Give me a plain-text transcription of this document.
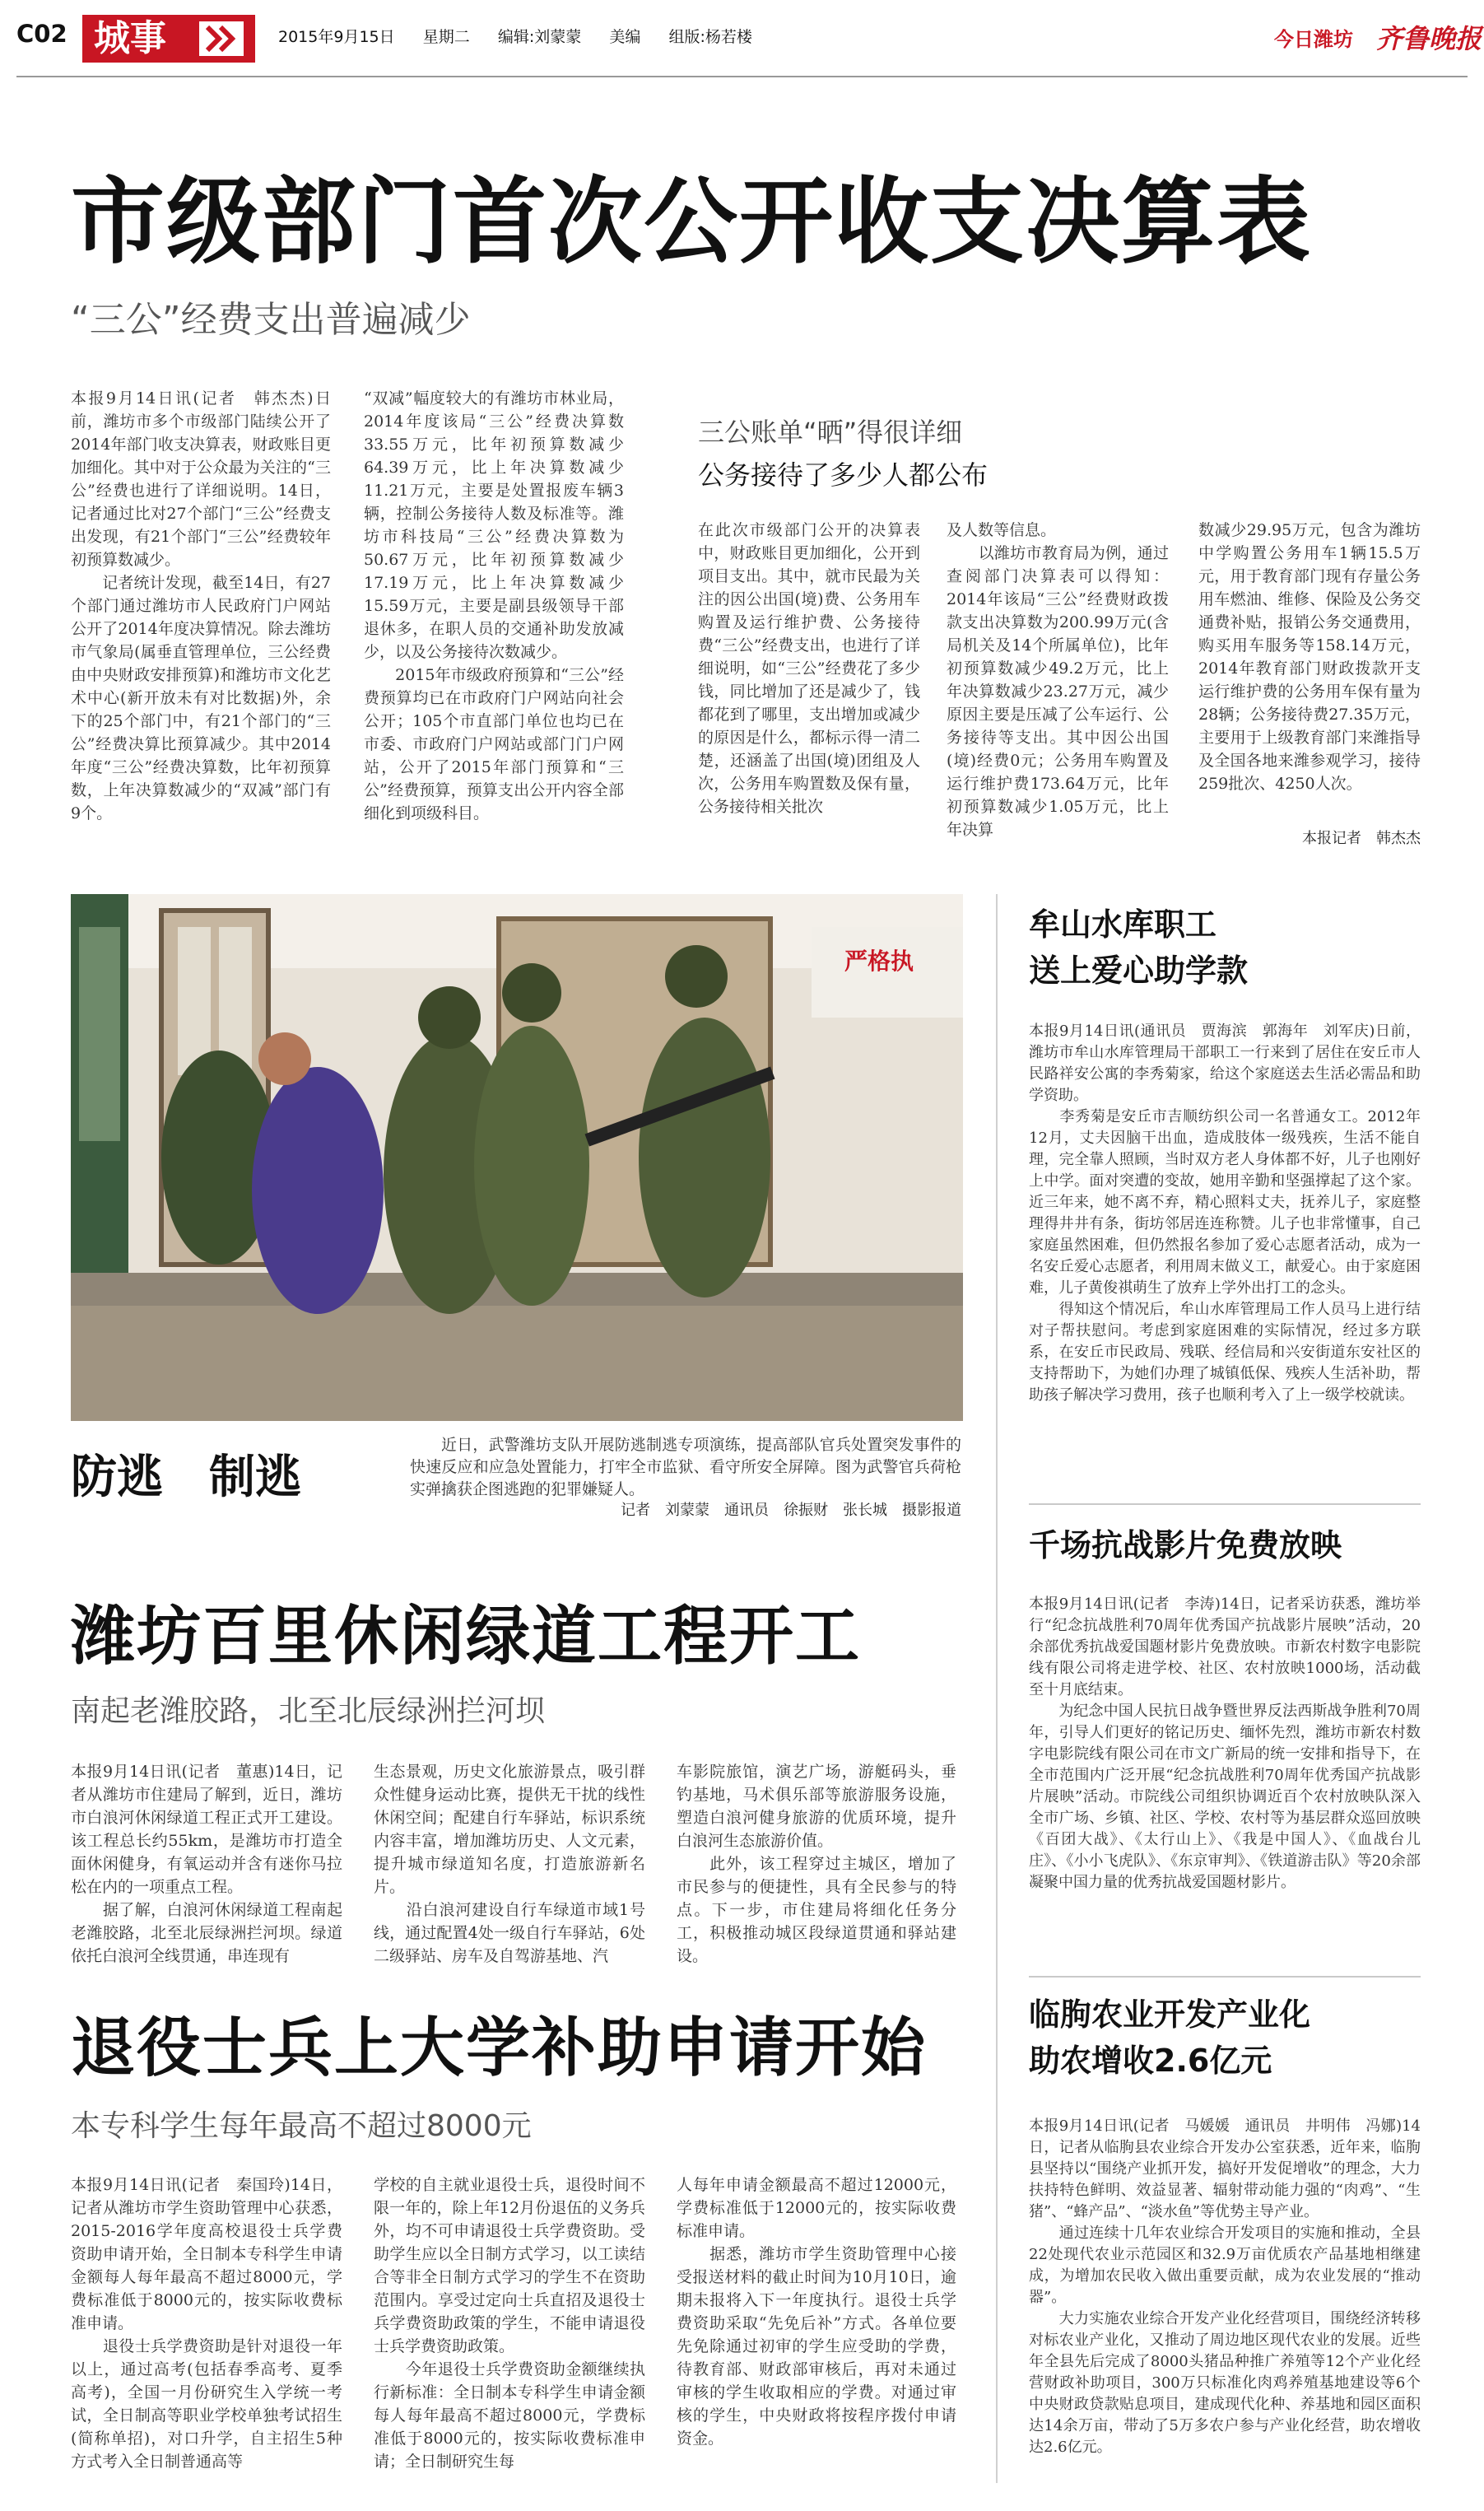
C02 城事	2015年9月15日 星期二 编辑:刘蒙蒙 美编 组版:杨若楼	今日潍坊 齐鲁晚报
市级部门首次公开收支决算表
“三公”经费支出普遍减少
本报9月14日讯(记者　韩杰杰)日前，潍坊市多个市级部门陆续公开了2014年部门收支决算表，财政账目更加细化。其中对于公众最为关注的“三公”经费也进行了详细说明。14日，记者通过比对27个部门“三公”经费支出发现，有21个部门“三公”经费较年初预算数减少。
　　记者统计发现，截至14日，有27个部门通过潍坊市人民政府门户网站公开了2014年度决算情况。除去潍坊市气象局(属垂直管理单位，三公经费由中央财政安排预算)和潍坊市文化艺术中心(新开放未有对比数据)外，余下的25个部门中，有21个部门的“三公”经费决算比预算减少。其中2014年度“三公”经费决算数，比年初预算数，上年决算数减少的“双减”部门有9个。
“双减”幅度较大的有潍坊市林业局，2014年度该局“三公”经费决算数33.55万元，比年初预算数减少64.39万元，比上年决算数减少11.21万元，主要是处置报废车辆3辆，控制公务接待人数及标准等。潍坊市科技局“三公”经费决算数为50.67万元，比年初预算数减少17.19万元，比上年决算数减少15.59万元，主要是副县级领导干部退休多，在职人员的交通补助发放减少，以及公务接待次数减少。
　　2015年市级政府预算和“三公”经费预算均已在市政府门户网站向社会公开；105个市直部门单位也均已在市委、市政府门户网站或部门门户网站，公开了2015年部门预算和“三公”经费预算，预算支出公开内容全部细化到项级科目。
三公账单“晒”得很详细
公务接待了多少人都公布
在此次市级部门公开的决算表中，财政账目更加细化，公开到项目支出。其中，就市民最为关注的因公出国(境)费、公务用车购置及运行维护费、公务接待费“三公”经费支出，也进行了详细说明，如“三公”经费花了多少钱，同比增加了还是减少了，钱都花到了哪里，支出增加或减少的原因是什么，都标示得一清二楚，还涵盖了出国(境)团组及人次，公务用车购置数及保有量，公务接待相关批次
及人数等信息。
　　以潍坊市教育局为例，通过查阅部门决算表可以得知：2014年该局“三公”经费财政拨款支出决算数为200.99万元(含局机关及14个所属单位)，比年初预算数减少49.2万元，比上年决算数减少23.27万元，减少原因主要是压减了公车运行、公务接待等支出。其中因公出国(境)经费0元；公务用车购置及运行维护费173.64万元，比年初预算数减少1.05万元，比上年决算
数减少29.95万元，包含为潍坊中学购置公务用车1辆15.5万元，用于教育部门现有存量公务用车燃油、维修、保险及公务交通费补贴，报销公务交通费用，购买用车服务等158.14万元，2014年教育部门财政拨款开支运行维护费的公务用车保有量为28辆；公务接待费27.35万元，主要用于上级教育部门来潍指导及全国各地来潍参观学习，接待259批次、4250人次。
本报记者　韩杰杰
严格执
防逃　制逃
近日，武警潍坊支队开展防逃制逃专项演练，提高部队官兵处置突发事件的快速反应和应急处置能力，打牢全市监狱、看守所安全屏障。图为武警官兵荷枪实弹擒获企图逃跑的犯罪嫌疑人。
记者　刘蒙蒙　通讯员　徐振财　张长城　摄影报道
潍坊百里休闲绿道工程开工
南起老潍胶路，北至北辰绿洲拦河坝
本报9月14日讯(记者　董惠)14日，记者从潍坊市住建局了解到，近日，潍坊市白浪河休闲绿道工程正式开工建设。该工程总长约55km，是潍坊市打造全面休闲健身，有氧运动并含有迷你马拉松在内的一项重点工程。
　　据了解，白浪河休闲绿道工程南起老潍胶路，北至北辰绿洲拦河坝。绿道依托白浪河全线贯通，串连现有
生态景观，历史文化旅游景点，吸引群众性健身运动比赛，提供无干扰的线性休闲空间；配建自行车驿站，标识系统内容丰富，增加潍坊历史、人文元素，提升城市绿道知名度，打造旅游新名片。
　　沿白浪河建设自行车绿道市域1号线，通过配置4处一级自行车驿站，6处二级驿站、房车及自驾游基地、汽
车影院旅馆，演艺广场，游艇码头，垂钓基地，马术俱乐部等旅游服务设施，塑造白浪河健身旅游的优质环境，提升白浪河生态旅游价值。
　　此外，该工程穿过主城区，增加了市民参与的便捷性，具有全民参与的特点。下一步，市住建局将细化任务分工，积极推动城区段绿道贯通和驿站建设。
退役士兵上大学补助申请开始
本专科学生每年最高不超过8000元
本报9月14日讯(记者　秦国玲)14日，记者从潍坊市学生资助管理中心获悉，2015-2016学年度高校退役士兵学费资助申请开始，全日制本专科学生申请金额每人每年最高不超过8000元，学费标准低于8000元的，按实际收费标准申请。
　　退役士兵学费资助是针对退役一年以上，通过高考(包括春季高考、夏季高考)，全国一月份研究生入学统一考试，全日制高等职业学校单独考试招生(简称单招)，对口升学，自主招生5种方式考入全日制普通高等
学校的自主就业退役士兵，退役时间不限一年的，除上年12月份退伍的义务兵外，均不可申请退役士兵学费资助。受助学生应以全日制方式学习，以工读结合等非全日制方式学习的学生不在资助范围内。享受过定向士兵直招及退役士兵学费资助政策的学生，不能申请退役士兵学费资助政策。
　　今年退役士兵学费资助金额继续执行新标准：全日制本专科学生申请金额每人每年最高不超过8000元，学费标准低于8000元的，按实际收费标准申请；全日制研究生每
人每年申请金额最高不超过12000元，学费标准低于12000元的，按实际收费标准申请。
　　据悉，潍坊市学生资助管理中心接受报送材料的截止时间为10月10日，逾期未报将入下一年度执行。退役士兵学费资助采取“先免后补”方式。各单位要先免除通过初审的学生应受助的学费，待教育部、财政部审核后，再对未通过审核的学生收取相应的学费。对通过审核的学生，中央财政将按程序拨付申请资金。
牟山水库职工
送上爱心助学款
本报9月14日讯(通讯员　贾海滨　郭海年　刘军庆)日前，潍坊市牟山水库管理局干部职工一行来到了居住在安丘市人民路祥安公寓的李秀菊家，给这个家庭送去生活必需品和助学资助。
　　李秀菊是安丘市吉顺纺织公司一名普通女工。2012年12月，丈夫因脑干出血，造成肢体一级残疾，生活不能自理，完全靠人照顾，当时双方老人身体都不好，儿子也刚好上中学。面对突遭的变故，她用辛勤和坚强撑起了这个家。近三年来，她不离不弃，精心照料丈夫，抚养儿子，家庭整理得井井有条，街坊邻居连连称赞。儿子也非常懂事，自己家庭虽然困难，但仍然报名参加了爱心志愿者活动，成为一名安丘爱心志愿者，利用周末做义工，献爱心。由于家庭困难，儿子黄俊祺萌生了放弃上学外出打工的念头。
　　得知这个情况后，牟山水库管理局工作人员马上进行结对子帮扶慰问。考虑到家庭困难的实际情况，经过多方联系，在安丘市民政局、残联、经信局和兴安街道东安社区的支持帮助下，为她们办理了城镇低保、残疾人生活补助，帮助孩子解决学习费用，孩子也顺利考入了上一级学校就读。
千场抗战影片免费放映
本报9月14日讯(记者　李涛)14日，记者采访获悉，潍坊举行“纪念抗战胜利70周年优秀国产抗战影片展映”活动，20余部优秀抗战爱国题材影片免费放映。市新农村数字电影院线有限公司将走进学校、社区、农村放映1000场，活动截至十月底结束。
　　为纪念中国人民抗日战争暨世界反法西斯战争胜利70周年，引导人们更好的铭记历史、缅怀先烈，潍坊市新农村数字电影院线有限公司在市文广新局的统一安排和指导下，在全市范围内广泛开展“纪念抗战胜利70周年优秀国产抗战影片展映”活动。市院线公司组织协调近百个农村放映队深入全市广场、乡镇、社区、学校、农村等为基层群众巡回放映《百团大战》、《太行山上》、《我是中国人》、《血战台儿庄》、《小小飞虎队》、《东京审判》、《铁道游击队》等20余部凝聚中国力量的优秀抗战爱国题材影片。
临朐农业开发产业化
助农增收2.6亿元
本报9月14日讯(记者　马媛媛　通讯员　井明伟　冯娜)14日，记者从临朐县农业综合开发办公室获悉，近年来，临朐县坚持以“围绕产业抓开发，搞好开发促增收”的理念，大力扶持特色鲜明、效益显著、辐射带动能力强的“肉鸡”、“生猪”、“蜂产品”、“淡水鱼”等优势主导产业。
　　通过连续十几年农业综合开发项目的实施和推动，全县22处现代农业示范园区和32.9万亩优质农产品基地相继建成，为增加农民收入做出重要贡献，成为农业发展的“推动器”。
　　大力实施农业综合开发产业化经营项目，围绕经济转移对标农业产业化，又推动了周边地区现代农业的发展。近些年全县先后完成了8000头猪品种推广养殖等12个产业化经营财政补助项目，300万只标准化肉鸡养殖基地建设等6个中央财政贷款贴息项目，建成现代化种、养基地和园区面积达14余万亩，带动了5万多农户参与产业化经营，助农增收达2.6亿元。
